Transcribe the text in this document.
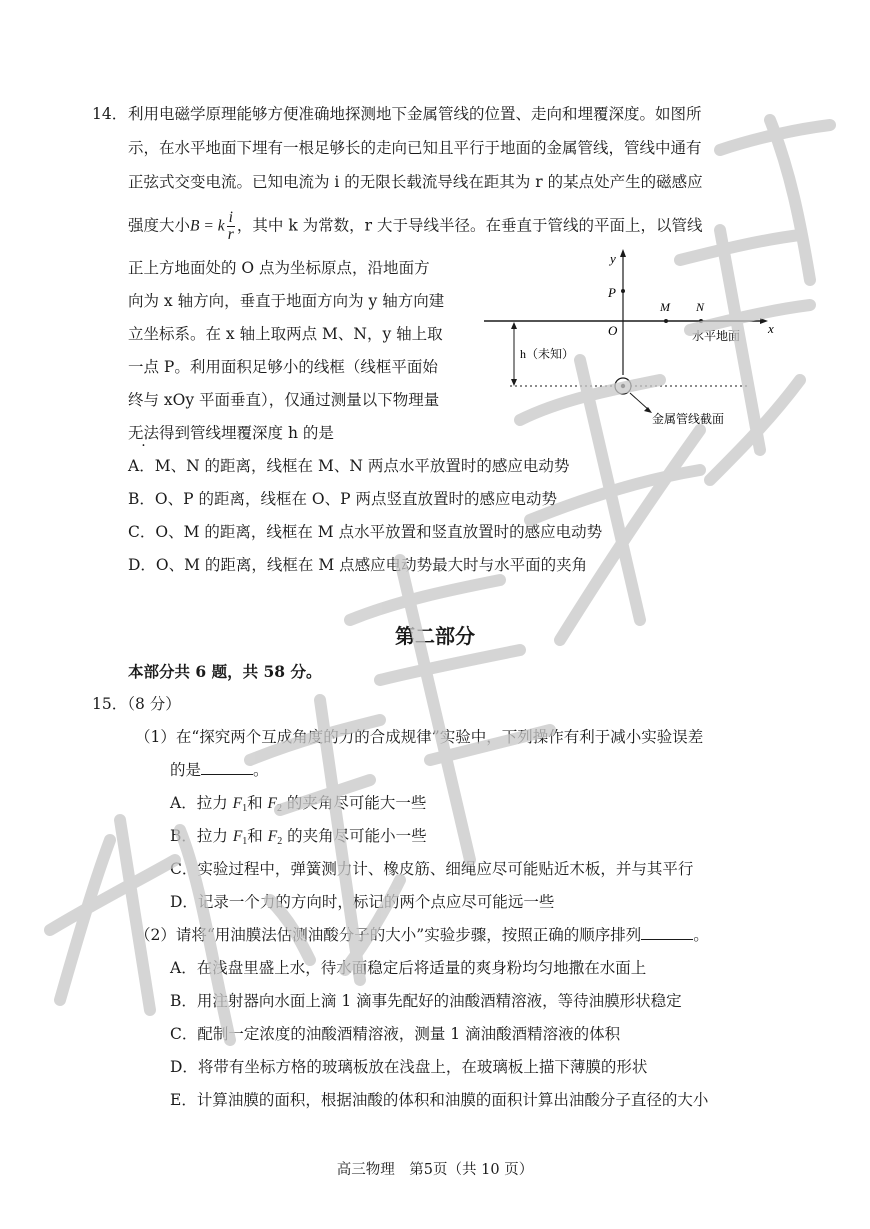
14． 利用电磁学原理能够方便准确地探测地下金属管线的位置、走向和埋覆深度。如图所
示，在水平地面下埋有一根足够长的走向已知且平行于地面的金属管线，管线中通有
正弦式交变电流。已知电流为 i 的无限长载流导线在距其为 r 的某点处产生的磁感应
强度大小B = k $\frac{i}{r}$ ，其中 k 为常数，r 大于导线半径。在垂直于管线的平面上，以管线
正上方地面处的 O 点为坐标原点，沿地面方
向为 x 轴方向，垂直于地面方向为 y 轴方向建
立坐标系。在 x 轴上取两点 M、N，y 轴上取
一点 P。利用面积足够小的线框（线框平面始
终与 xOy 平面垂直），仅通过测量以下物理量
无法得到管线埋覆深度 h 的是
y
x
P
M N
O	水平地面
h（未知）
金属管线截面
A．M、N 的距离，线框在 M、N 两点水平放置时的感应电动势
B．O、P 的距离，线框在 O、P 两点竖直放置时的感应电动势
C．O、M 的距离，线框在 M 点水平放置和竖直放置时的感应电动势
D．O、M 的距离，线框在 M 点感应电动势最大时与水平面的夹角
第二部分
本部分共 6 题，共 58 分。
15．（8 分）
（1）在“探究两个互成角度的力的合成规律”实验中，下列操作有利于减小实验误差
的是	。
A．拉力 $F_1$和 $F_2$ 的夹角尽可能大一些
B．拉力 $F_1$和 $F_2$ 的夹角尽可能小一些
C．实验过程中，弹簧测力计、橡皮筋、细绳应尽可能贴近木板，并与其平行
D．记录一个力的方向时，标记的两个点应尽可能远一些
（2）请将“用油膜法估测油酸分子的大小”实验步骤，按照正确的顺序排列	。
A．在浅盘里盛上水，待水面稳定后将适量的爽身粉均匀地撒在水面上
B．用注射器向水面上滴 1 滴事先配好的油酸酒精溶液，等待油膜形状稳定
C．配制一定浓度的油酸酒精溶液，测量 1 滴油酸酒精溶液的体积
D．将带有坐标方格的玻璃板放在浅盘上，在玻璃板上描下薄膜的形状
E．计算油膜的面积，根据油酸的体积和油膜的面积计算出油酸分子直径的大小
高三物理　第5页（共 10 页）
